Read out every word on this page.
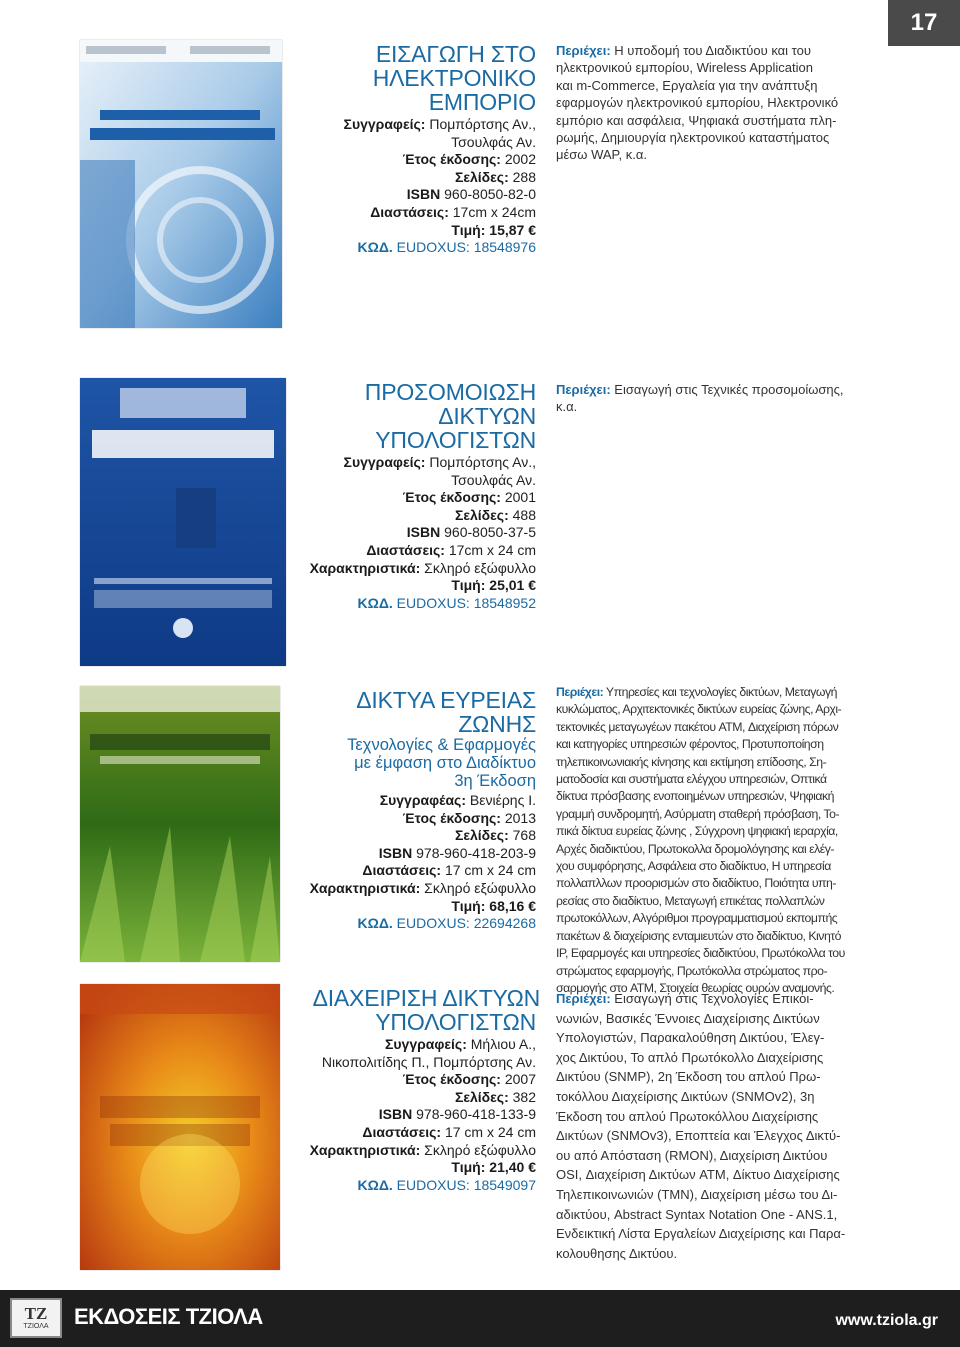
17
ΕΙΣΑΓΩΓΗ ΣΤΟ
ΗΛΕΚΤΡΟΝΙΚΟ
ΕΜΠΟΡΙΟ
Συγγραφείς: Πομπόρτσης Αν.,
Τσουλφάς Αν.
Έτος έκδοσης: 2002
Σελίδες: 288
ISBN 960-8050-82-0
Διαστάσεις: 17cm x 24cm
Τιμή: 15,87 €
ΚΩΔ. EUDOXUS: 18548976
Περιέχει: Η υποδομή του Διαδικτύου και του
ηλεκτρονικού εμπορίου, Wireless Application
και m-Commerce, Εργαλεία για την ανάπτυξη
εφαρμογών ηλεκτρονικού εμπορίου, Ηλεκτρονικό
εμπόριο και ασφάλεια, Ψηφιακά συστήματα πλη-
ρωμής, Δημιουργία ηλεκτρονικού καταστήματος
μέσω WAP, κ.α.
ΠΡΟΣΟΜΟΙΩΣΗ
ΔΙΚΤΥΩΝ
ΥΠΟΛΟΓΙΣΤΩΝ
Συγγραφείς: Πομπόρτσης Αν.,
Τσουλφάς Αν.
Έτος έκδοσης: 2001
Σελίδες: 488
ISBN 960-8050-37-5
Διαστάσεις: 17cm x 24 cm
Χαρακτηριστικά: Σκληρό εξώφυλλο
Τιμή: 25,01 €
ΚΩΔ. EUDOXUS: 18548952
Περιέχει: Εισαγωγή στις Τεχνικές προσομοίωσης,
κ.α.
ΔΙΚΤΥΑ ΕΥΡΕΙΑΣ
ΖΩΝΗΣ
Τεχνολογίες & Εφαρμογές
με έμφαση στο Διαδίκτυο
3η Έκδοση
Συγγραφέας: Βενιέρης Ι.
Έτος έκδοσης: 2013
Σελίδες: 768
ISBN 978-960-418-203-9
Διαστάσεις: 17 cm x 24 cm
Χαρακτηριστικά: Σκληρό εξώφυλλο
Τιμή: 68,16 €
ΚΩΔ. EUDOXUS: 22694268
Περιέχει: Υπηρεσίες και τεχνολογίες δικτύων, Μεταγωγή
κυκλώματος, Αρχιτεκτονικές δικτύων ευρείας ζώνης, Αρχι-
τεκτονικές μεταγωγέων πακέτου ATM, Διαχείριση πόρων
και κατηγορίες υπηρεσιών φέροντος, Προτυποποίηση
τηλεπικοινωνιακής κίνησης και εκτίμηση επίδοσης, Ση-
ματοδοσία και συστήματα ελέγχου υπηρεσιών, Οπτικά
δίκτυα πρόσβασης ενοποιημένων υπηρεσιών, Ψηφιακή
γραμμή συνδρομητή, Ασύρματη σταθερή πρόσβαση, Το-
πικά δίκτυα ευρείας ζώνης , Σύγχρονη ψηφιακή ιεραρχία,
Αρχές διαδικτύου, Πρωτοκολλα δρομολόγησης και ελέγ-
χου συμφόρησης, Ασφάλεια στο διαδίκτυο, Η υπηρεσία
πολλαπλλων προορισμών στο διαδίκτυο, Ποιότητα υπη-
ρεσίας στο διαδίκτυο, Μεταγωγή επικέτας πολλαπλών
πρωτοκόλλων, Αλγόριθμοι προγραμματισμού εκπομπής
πακέτων & διαχείρισης ενταμιευτών στο διαδίκτυο, Κινητό
IP, Εφαρμογές και υπηρεσίες διαδικτύου, Πρωτόκολλα του
στρώματος εφαρμογής, Πρωτόκολλα στρώματος προ-
σαρμογής στο ATM, Στοιχεία θεωρίας ουρών αναμονής.
ΔΙΑΧΕΙΡΙΣΗ ΔΙΚΤΥΩΝ
ΥΠΟΛΟΓΙΣΤΩΝ
Συγγραφείς: Μήλιου Α.,
Νικοπολιτίδης Π., Πομπόρτσης Αν.
Έτος έκδοσης: 2007
Σελίδες: 382
ISBN 978-960-418-133-9
Διαστάσεις: 17 cm x 24 cm
Χαρακτηριστικά: Σκληρό εξώφυλλο
Τιμή: 21,40 €
ΚΩΔ. EUDOXUS: 18549097
Περιέχει: Εισαγωγή στις Τεχνολογίες Επικοι-
νωνιών, Βασικές Έννοιες Διαχείρισης Δικτύων
Υπολογιστών, Παρακαλούθηση Δικτύου, Έλεγ-
χος Δικτύου, Το απλό Πρωτόκολλο Διαχείρισης
Δικτύου (SNMP), 2η Έκδοση του απλού Πρω-
τοκόλλου Διαχείρισης Δικτύων (SNMOv2), 3η
Έκδοση του απλού Πρωτοκόλλου Διαχείρισης
Δικτύων (SNMOv3), Εποπτεία και Έλεγχος Δικτύ-
ου από Απόσταση (RMON), Διαχείριση Δικτύου
OSI, Διαχείριση Δικτύων ATM, Δίκτυο Διαχείρισης
Τηλεπικοινωνιών (TMN), Διαχείριση μέσω του Δι-
αδικτύου, Abstract Syntax Notation One - ANS.1,
Ενδεικτική Λίστα Εργαλείων Διαχείρισης και Παρα-
κολουθησης Δικτύου.
ΤΖ
ΤΖΙΟΛΑ ΕΚΔΟΣΕΙΣ ΤΖΙΟΛΑ	www.tziola.gr
